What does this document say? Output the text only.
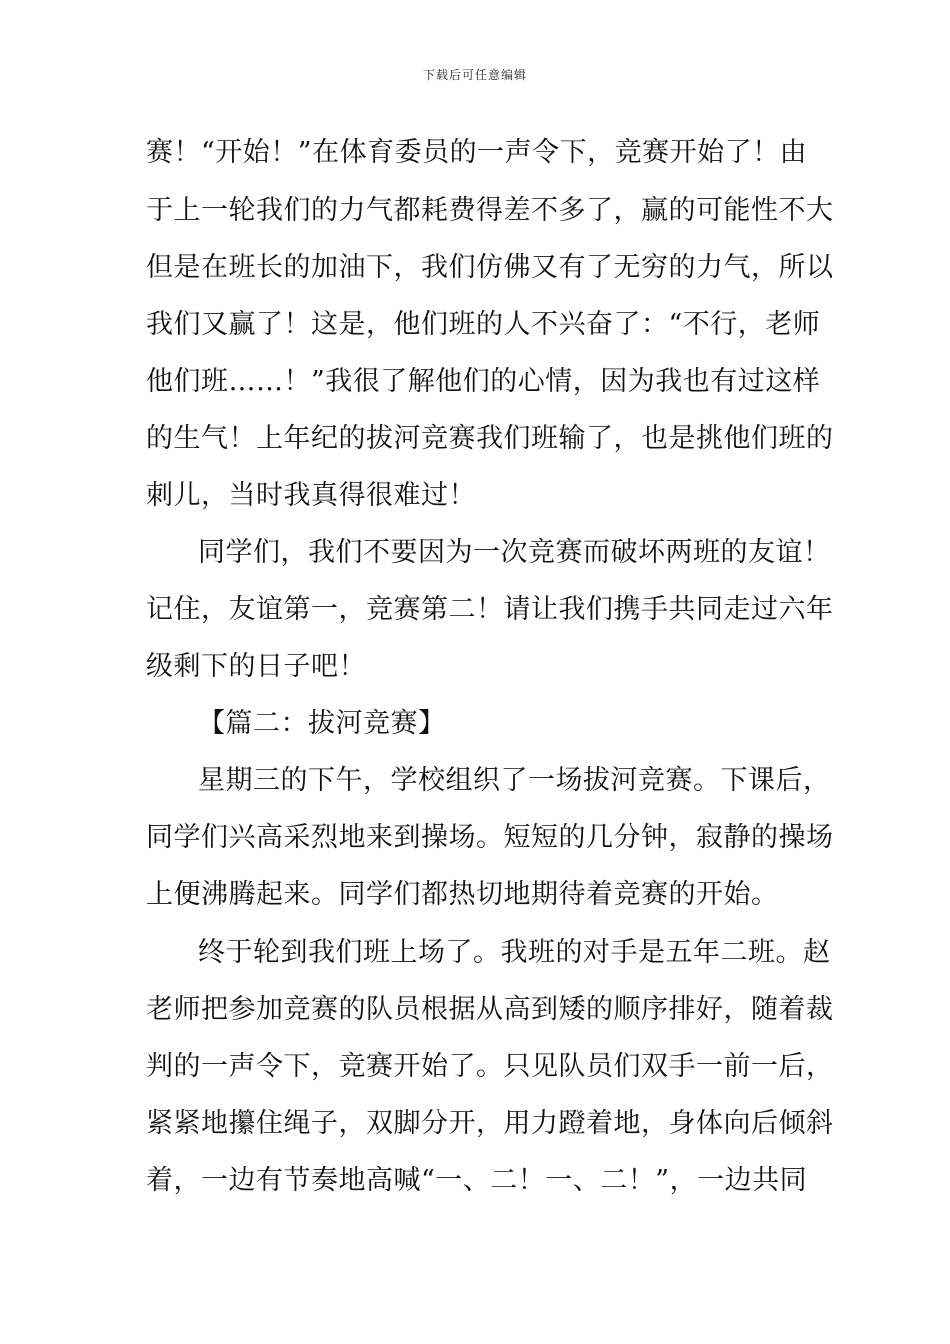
下载后可任意编辑
赛！“开始！”在体育委员的一声令下，竞赛开始了！由
于上一轮我们的力气都耗费得差不多了，赢的可能性不大
但是在班长的加油下，我们仿佛又有了无穷的力气，所以
我们又赢了！这是，他们班的人不兴奋了：“不行，老师
他们班……！”我很了解他们的心情，因为我也有过这样
的生气！上年纪的拔河竞赛我们班输了，也是挑他们班的
刺儿，当时我真得很难过！
同学们，我们不要因为一次竞赛而破坏两班的友谊！
记住，友谊第一，竞赛第二！请让我们携手共同走过六年
级剩下的日子吧！
【篇二：拔河竞赛】
星期三的下午，学校组织了一场拔河竞赛。下课后，
同学们兴高采烈地来到操场。短短的几分钟，寂静的操场
上便沸腾起来。同学们都热切地期待着竞赛的开始。
终于轮到我们班上场了。我班的对手是五年二班。赵
老师把参加竞赛的队员根据从高到矮的顺序排好，随着裁
判的一声令下，竞赛开始了。只见队员们双手一前一后，
紧紧地攥住绳子，双脚分开，用力蹬着地，身体向后倾斜
着，一边有节奏地高喊“一、二！一、二！”，一边共同
